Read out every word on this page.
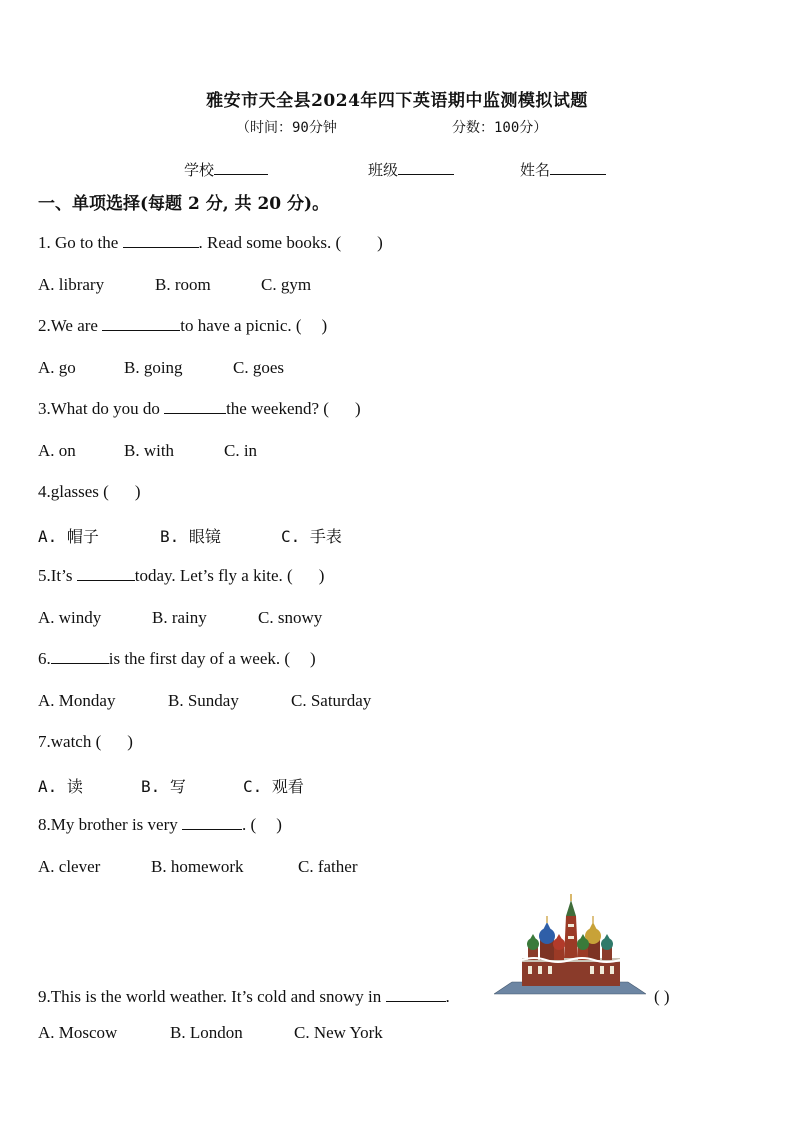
雅安市天全县2024年四下英语期中监测模拟试题
（时间：90分钟	分数：100分）
学校	班级	姓名
一、单项选择(每题 2 分, 共 20 分)。
1. Go to the	. Read some books. ( )
A. library	B. room	C. gym
2.We are	to have a picnic. ( )
A. go	B. going	C. goes
3.What do you do	the weekend? ( )
A. on	B. with	C. in
4.glasses ( )
A. 帽子	B. 眼镜	C. 手表
5.It’s	today. Let’s fly a kite. ( )
A. windy	B. rainy	C. snowy
6.	is the first day of a week. ( )
A. Monday	B. Sunday	C. Saturday
7.watch ( )
A. 读	B. 写	C. 观看
8.My brother is very	. ( )
A. clever	B. homework	C. father
9.This is the world weather. It’s cold and snowy in	.	( )
A. Moscow	B. London	C. New York
